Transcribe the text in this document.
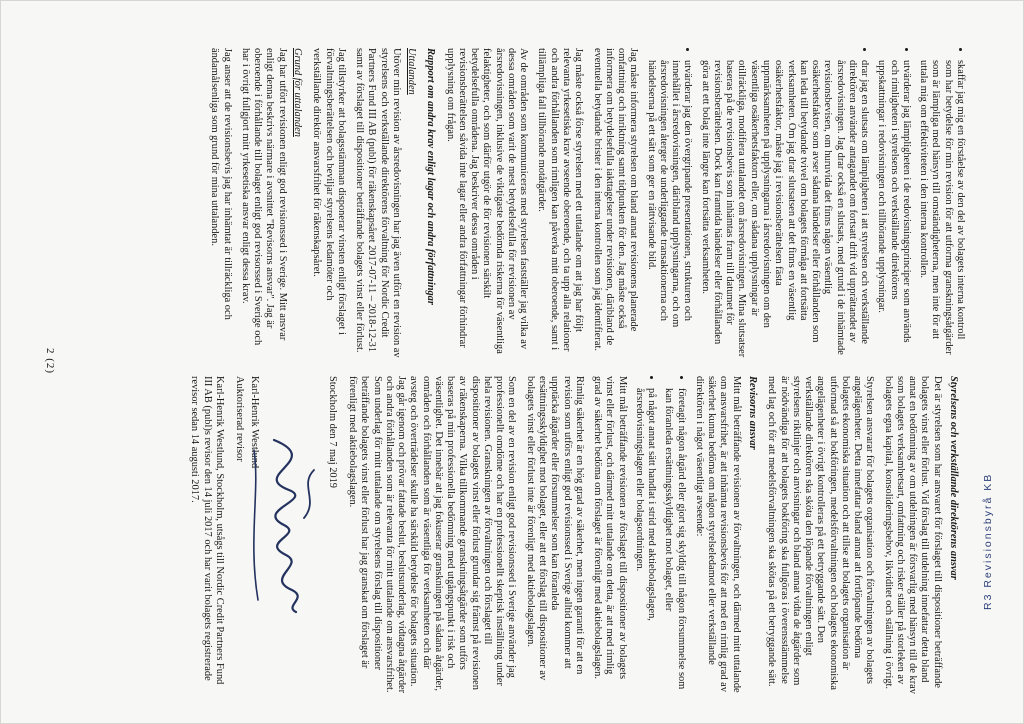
• skaffar jag mig en förståelse av den del av bolagets interna kontroll som har betydelse för min revision för att utforma granskningsåtgärder som är lämpliga med hänsyn till omständigheterna, men inte för att uttala mig om effektiviteten i den interna kontrollen.
• utvärderar jag lämpligheten i de redovisningsprinciper som används och rimligheten i styrelsens och verkställande direktörens uppskattningar i redovisningen och tillhörande upplysningar.
• drar jag en slutsats om lämpligheten i att styrelsen och verkställande direktören använder antagandet om fortsatt drift vid upprättandet av årsredovisningen. Jag drar också en slutsats, med grund i de inhämtade revisionsbevisen, om huruvida det finns någon väsentlig osäkerhetsfaktor som avser sådana händelser eller förhållanden som kan leda till betydande tvivel om bolagets förmåga att fortsätta verksamheten. Om jag drar slutsatsen att det finns en väsentlig osäkerhetsfaktor, måste jag i revisionsberättelsen fästa uppmärksamheten på upplysningarna i årsredovisningen om den väsentliga osäkerhetsfaktorn eller, om sådana upplysningar är otillräckliga, modifiera uttalandet om årsredovisningen. Mina slutsatser baseras på de revisionsbevis som inhämtas fram till datumet för revisionsberättelsen. Dock kan framtida händelser eller förhållanden göra att ett bolag inte längre kan fortsätta verksamheten.
• utvärderar jag den övergripande presentationen, strukturen och innehållet i årsredovisningen, däribland upplysningarna, och om årsredovisningen återger de underliggande transaktionerna och händelserna på ett sätt som ger en rättvisande bild.

Jag måste informera styrelsen om bland annat revisionens planerade omfattning och inriktning samt tidpunkten för den. Jag måste också informera om betydelsefulla iakttagelser under revisionen, däribland de eventuella betydande brister i den interna kontrollen som jag identifierat.

Jag måste också förse styrelsen med ett uttalande om att jag har följt relevanta yrkesetiska krav avseende oberoende, och ta upp alla relationer och andra förhållanden som rimligen kan påverka mitt oberoende, samt i tillämpliga fall tillhörande motåtgärder.

Av de områden som kommuniceras med styrelsen fastställer jag vilka av dessa områden som varit de mest betydelsefulla för revisionen av årsredovisningen, inklusive de viktigaste bedömda riskerna för väsentliga felaktigheter, och som därför utgör de för revisionen särskilt betydelsefulla områdena. Jag beskriver dessa områden i revisionsberättelsen såvida inte lagar eller andra författningar förhindrar upplysning om frågan.

Rapport om andra krav enligt lagar och andra författningar
Uttalanden

Utöver min revision av årsredovisningen har jag även utfört en revision av styrelsens och verkställande direktörens förvaltning för Nordic Credit Partners Fund III AB (publ) för räkenskapsåret 2017-07-11 – 2018-12-31 samt av förslaget till dispositioner beträffande bolagets vinst eller förlust.

Jag tillstyrker att bolagsstämman disponerar vinsten enligt förslaget i förvaltningsberättelsen och beviljar styrelsens ledamöter och verkställande direktör ansvarsfrihet för räkenskapsåret.

Grund för uttalanden

Jag har utfört revisionen enligt god revisionssed i Sverige. Mitt ansvar enligt denna beskrivs närmare i avsnittet "Revisorns ansvar". Jag är oberoende i förhållande till bolaget enligt god revisorssed i Sverige och har i övrigt fullgjort mitt yrkesetiska ansvar enligt dessa krav.

Jag anser att de revisionsbevis jag har inhämtat är tillräckliga och ändamålsenliga som grund för mina uttalanden.

Styrelsens och verkställande direktörens ansvar

Det är styrelsen som har ansvaret för förslaget till dispositioner beträffande bolagets vinst eller förlust. Vid förslag till utdelning innefattar detta bland annat en bedömning av om utdelningen är försvarlig med hänsyn till de krav som bolagets verksamhetsart, omfattning och risker ställer på storleken av bolagets egna kapital, konsolideringsbehov, likviditet och ställning i övrigt.

Styrelsen ansvarar för bolagets organisation och förvaltningen av bolagets angelägenheter. Detta innefattar bland annat att fortlöpande bedöma bolagets ekonomiska situation och att tillse att bolagets organisation är utformad så att bokföringen, medelsförvaltningen och bolagets ekonomiska angelägenheter i övrigt kontrolleras på ett betryggande sätt. Den verkställande direktören ska sköta den löpande förvaltningen enligt styrelsens riktlinjer och anvisningar och bland annat vidta de åtgärder som är nödvändiga för att bolagets bokföring ska fullgöras i överensstämmelse med lag och för att medelsförvaltningen ska skötas på ett betryggande sätt.

Revisorns ansvar

Mitt mål beträffande revisionen av förvaltningen, och därmed mitt uttalande om ansvarsfrihet, är att inhämta revisionsbevis för att med en rimlig grad av säkerhet kunna bedöma om någon styrelseledamot eller verkställande direktören i något väsentligt avseende:

• företagit någon åtgärd eller gjort sig skyldig till någon försummelse som kan föranleda ersättningsskyldighet mot bolaget, eller
• på något annat sätt handlat i strid med aktiebolagslagen, årsredovisningslagen eller bolagsordningen.

Mitt mål beträffande revisionen av förslaget till dispositioner av bolagets vinst eller förlust, och därmed mitt uttalande om detta, är att med rimlig grad av säkerhet bedöma om förslaget är förenligt med aktiebolagslagen.

Rimlig säkerhet är en hög grad av säkerhet, men ingen garanti för att en revision som utförs enligt god revisionssed i Sverige alltid kommer att upptäcka åtgärder eller försummelser som kan föranleda ersättningsskyldighet mot bolaget, eller att ett förslag till dispositioner av bolagets vinst eller förlust inte är förenligt med aktiebolagslagen.

Som en del av en revision enligt god revisionssed i Sverige använder jag professionellt omdöme och har en professionellt skeptisk inställning under hela revisionen. Granskningen av förvaltningen och förslaget till dispositioner av bolagets vinst eller förlust grundar sig främst på revisionen av räkenskaperna. Vilka tillkommande granskningsåtgärder som utförs baseras på min professionella bedömning med utgångspunkt i risk och väsentlighet. Det innebär att jag fokuserar granskningen på sådana åtgärder, områden och förhållanden som är väsentliga för verksamheten och där avsteg och överträdelser skulle ha särskild betydelse för bolagets situation. Jag går igenom och prövar fattade beslut, beslutsunderlag, vidtagna åtgärder och andra förhållanden som är relevanta för mitt uttalande om ansvarsfrihet. Som underlag för mitt uttalande om styrelsens förslag till dispositioner beträffande bolagets vinst eller förlust har jag granskat om förslaget är förenligt med aktiebolagslagen.

Stockholm den 7 maj 2019

Karl-Henrik Westlund

Auktoriserad revisor

Karl-Henrik Westlund, Stockholm, utsågs till Nordic Credit Partners Fund III AB (publ)s revisor den 14 juli 2017 och har varit bolagets registrerade revisor sedan 14 augusti 2017.

2 (2)
R3 Revisionsbyrå KB
